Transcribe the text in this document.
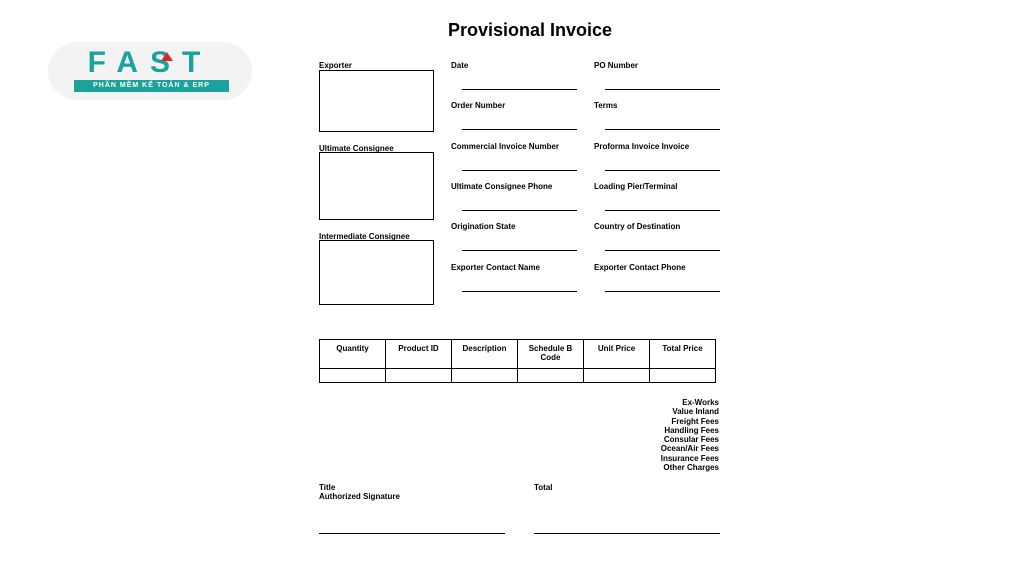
Provisional Invoice
FAST
PHẦN MỀM KẾ TOÁN & ERP
Exporter
Ultimate Consignee
Intermediate Consignee
Date
Order Number
Commercial Invoice Number
Ultimate Consignee Phone
Origination State
Exporter Contact Name
PO Number
Terms
Proforma Invoice Invoice
Loading Pier/Terminal
Country of Destination
Exporter Contact Phone
Quantity	Product ID	Description	Schedule B Code	Unit Price	Total Price

Ex-Works
Value Inland
Freight Fees
Handling Fees
Consular Fees
Ocean/Air Fees
Insurance Fees
Other Charges
Title
Authorized Signature
Total
